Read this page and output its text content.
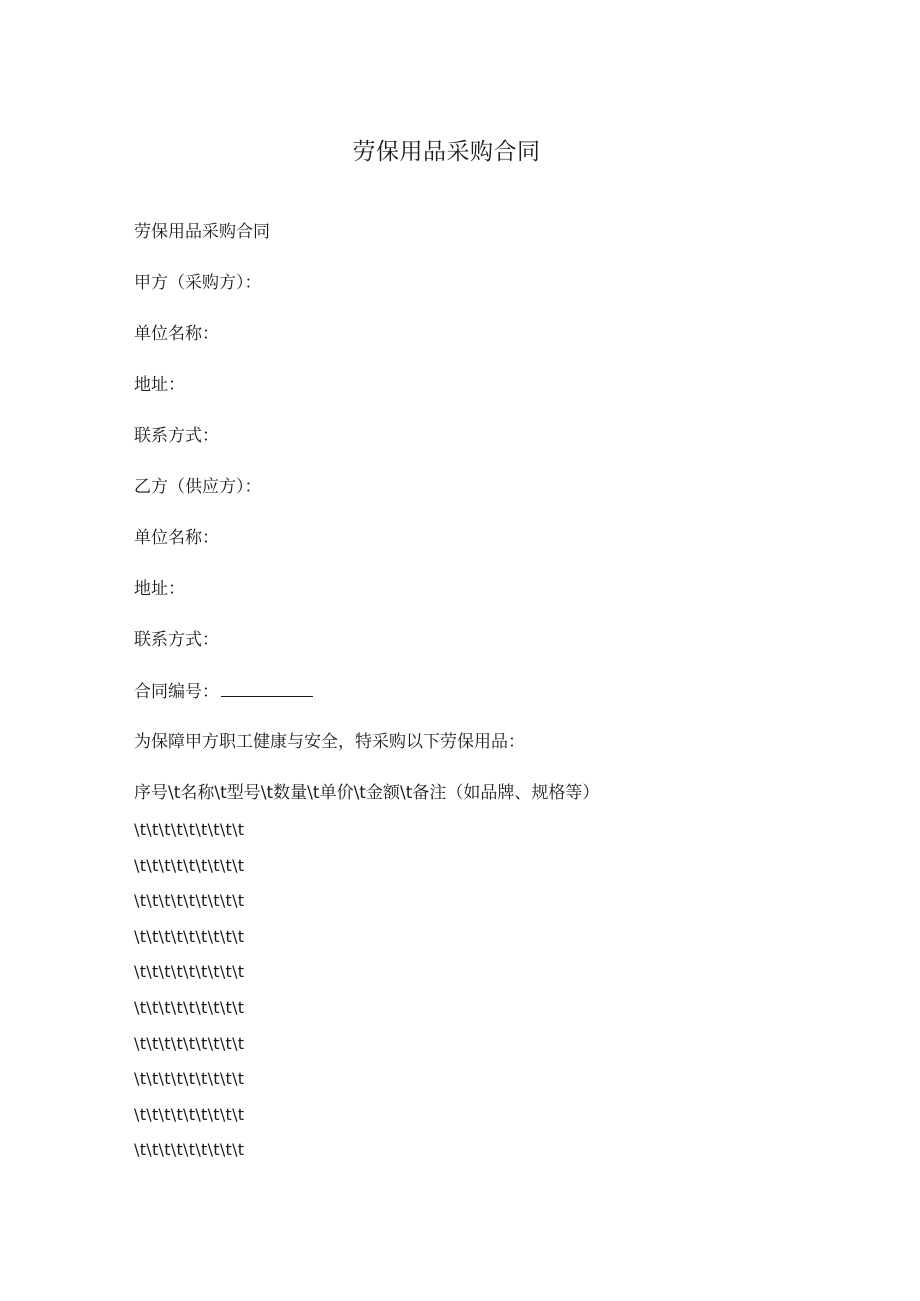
劳保用品采购合同
劳保用品采购合同
甲方（采购方）：
单位名称：
地址：
联系方式：
乙方（供应方）：
单位名称：
地址：
联系方式：
合同编号：
为保障甲方职工健康与安全，特采购以下劳保用品：
序号\t名称\t型号\t数量\t单价\t金额\t备注（如品牌、规格等）
\t\t\t\t\t\t\t\t\t
\t\t\t\t\t\t\t\t\t
\t\t\t\t\t\t\t\t\t
\t\t\t\t\t\t\t\t\t
\t\t\t\t\t\t\t\t\t
\t\t\t\t\t\t\t\t\t
\t\t\t\t\t\t\t\t\t
\t\t\t\t\t\t\t\t\t
\t\t\t\t\t\t\t\t\t
\t\t\t\t\t\t\t\t\t
